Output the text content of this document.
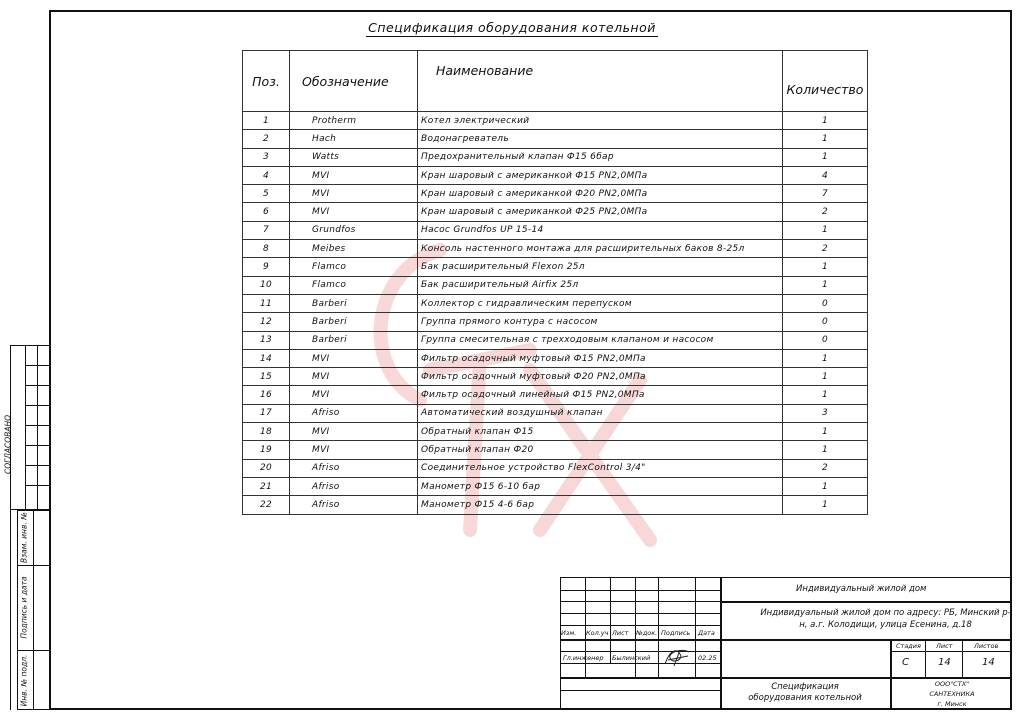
Спецификация оборудования котельной
Поз.	Обозначение	Наименование	Количество
1	Protherm	Котел электрический	1
2	Hach	Водонагреватель	1
3	Watts	Предохранительный клапан Ф15 6бар	1
4	MVI	Кран шаровый с американкой Ф15 PN2,0МПа	4
5	MVI	Кран шаровый с американкой Ф20 PN2,0МПа	7
6	MVI	Кран шаровый с американкой Ф25 PN2,0МПа	2
7	Grundfos	Насос Grundfos UP 15-14	1
8	Meibes	Консоль настенного монтажа для расширительных баков 8-25л	2
9	Flamco	Бак расширительный Flexon 25л	1
10	Flamco	Бак расширительный Airfix 25л	1
11	Barberi	Коллектор с гидравлическим перепуском	0
12	Barberi	Группа прямого контура с насосом	0
13	Barberi	Группа смесительная с трехходовым клапаном и насосом	0
14	MVI	Фильтр осадочный муфтовый Ф15 PN2,0МПа	1
15	MVI	Фильтр осадочный муфтовый Ф20 PN2,0МПа	1
16	MVI	Фильтр осадочный линейный Ф15 PN2,0МПа	1
17	Afriso	Автоматический воздушный клапан	3
18	MVI	Обратный клапан Ф15	1
19	MVI	Обратный клапан Ф20	1
20	Afriso	Соединительное устройство FlexControl 3/4"	2
21	Afriso	Манометр Ф15 6-10 бар	1
22	Afriso	Манометр Ф15 4-6 бар	1
СОГЛАСОВАНО
Взам. инв. №
Подпись и дата
Инв. № подл.
Индивидуальный жилой дом
Индивидуальный жилой дом по адресу: РБ, Минский р-н, а.г. Колодищи, улица Есенина, д.18
Изм. Кол.уч Лист №док. Подпись Дата
Гл.инженер Былинский	02.25
Стадия Лист	Листов
С	14	14
Спецификация оборудования котельной
ООО"СТХ"
САНТЕХНИКА
г. Минск
